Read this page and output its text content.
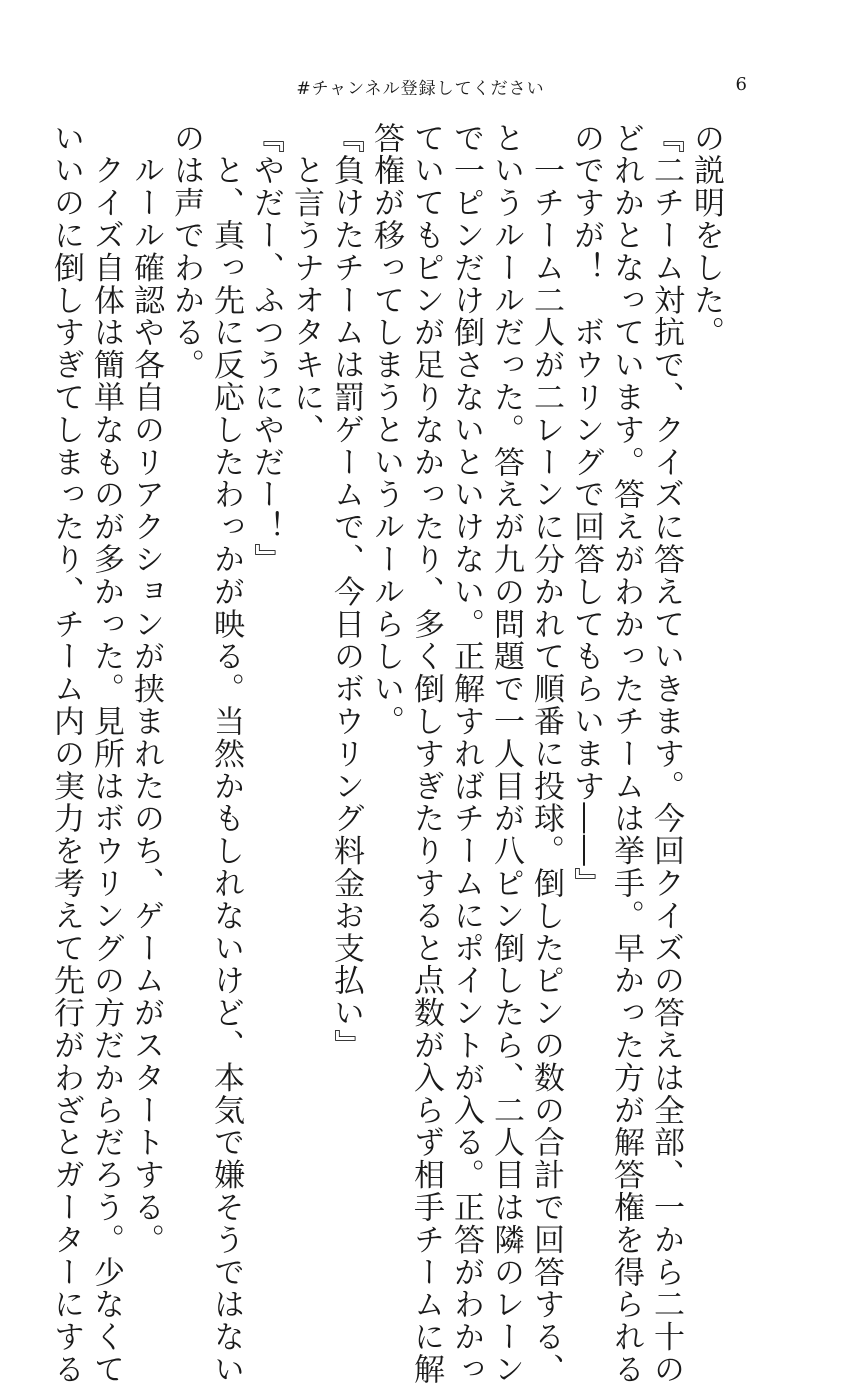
#チャンネル登録してください	6

の説明をした。

『二チーム対抗で、クイズに答えていきます。今回クイズの答えは全部、一から二十の

どれかとなっています。答えがわかったチームは挙手。早かった方が解答権を得られる

のですが！　ボウリングで回答してもらいます――』

　一チーム二人が二レーンに分かれて順番に投球。倒したピンの数の合計で回答する、

というルールだった。答えが九の問題で一人目が八ピン倒したら、二人目は隣のレーン

で一ピンだけ倒さないといけない。正解すればチームにポイントが入る。正答がわかっ

ていてもピンが足りなかったり、多く倒しすぎたりすると点数が入らず相手チームに解

答権が移ってしまうというルールらしい。

『負けたチームは罰ゲームで、今日のボウリング料金お支払い』

　と言うナオタキに、

『やだー、ふつうにやだー！』

　と、真っ先に反応したわっかが映る。当然かもしれないけど、本気で嫌そうではない

のは声でわかる。

　ルール確認や各自のリアクションが挟まれたのち、ゲームがスタートする。

　クイズ自体は簡単なものが多かった。見所はボウリングの方だからだろう。少なくて

いいのに倒しすぎてしまったり、チーム内の実力を考えて先行がわざとガーターにする
